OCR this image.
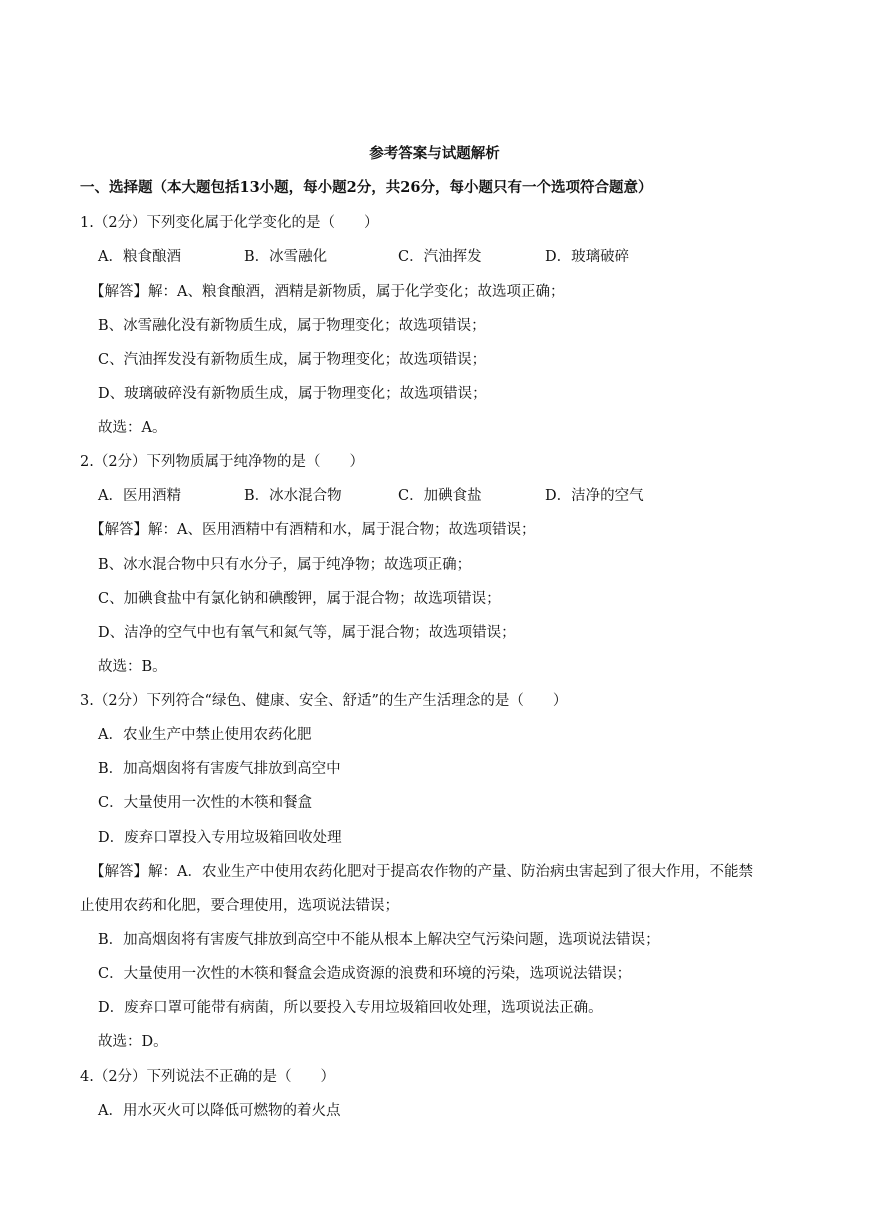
参考答案与试题解析
一、选择题（本大题包括13小题，每小题2分，共26分，每小题只有一个选项符合题意）
1.（2分）下列变化属于化学变化的是（　　）
A．粮食酿酒	B．冰雪融化	C．汽油挥发	D．玻璃破碎
【解答】解：A、粮食酿酒，酒精是新物质，属于化学变化；故选项正确；
B、冰雪融化没有新物质生成，属于物理变化；故选项错误；
C、汽油挥发没有新物质生成，属于物理变化；故选项错误；
D、玻璃破碎没有新物质生成，属于物理变化；故选项错误；
故选：A。
2.（2分）下列物质属于纯净物的是（　　）
A．医用酒精	B．冰水混合物	C．加碘食盐	D．洁净的空气
【解答】解：A、医用酒精中有酒精和水，属于混合物；故选项错误；
B、冰水混合物中只有水分子，属于纯净物；故选项正确；
C、加碘食盐中有氯化钠和碘酸钾，属于混合物；故选项错误；
D、洁净的空气中也有氧气和氮气等，属于混合物；故选项错误；
故选：B。
3.（2分）下列符合“绿色、健康、安全、舒适”的生产生活理念的是（　　）
A．农业生产中禁止使用农药化肥
B．加高烟囱将有害废气排放到高空中
C．大量使用一次性的木筷和餐盒
D．废弃口罩投入专用垃圾箱回收处理
【解答】解：A．农业生产中使用农药化肥对于提高农作物的产量、防治病虫害起到了很大作用，不能禁
止使用农药和化肥，要合理使用，选项说法错误；
B．加高烟囱将有害废气排放到高空中不能从根本上解决空气污染问题，选项说法错误；
C．大量使用一次性的木筷和餐盒会造成资源的浪费和环境的污染，选项说法错误；
D．废弃口罩可能带有病菌，所以要投入专用垃圾箱回收处理，选项说法正确。
故选：D。
4.（2分）下列说法不正确的是（　　）
A．用水灭火可以降低可燃物的着火点
